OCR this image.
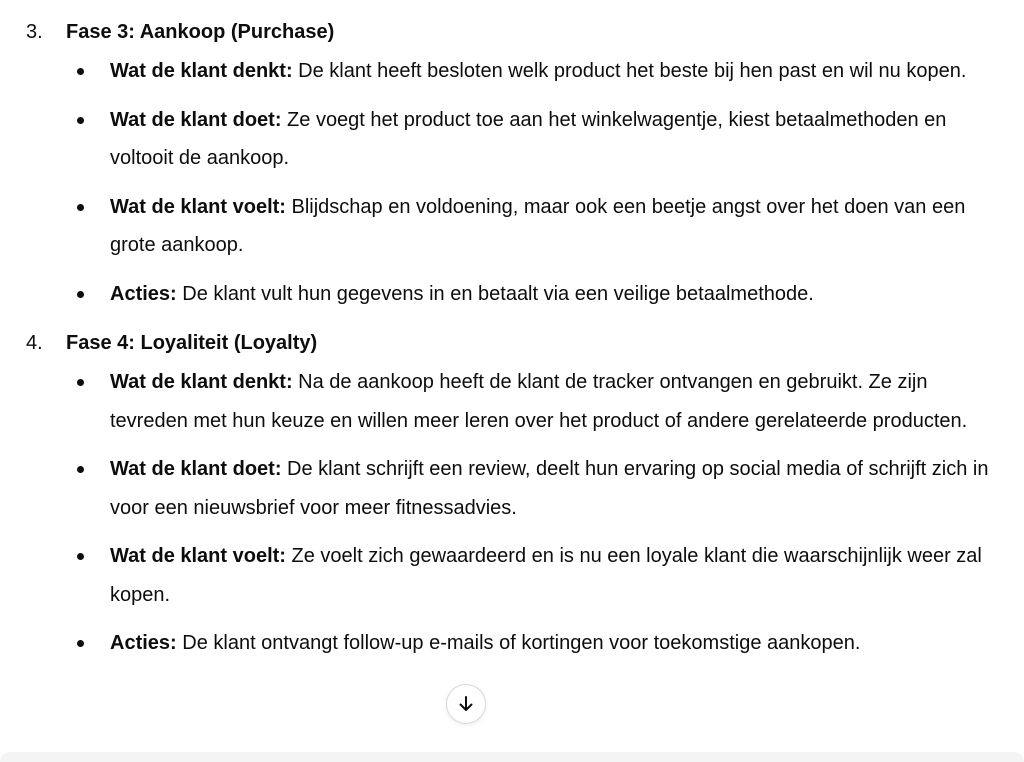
3. Fase 3: Aankoop (Purchase)
Wat de klant denkt: De klant heeft besloten welk product het beste bij hen past en wil nu kopen.
Wat de klant doet: Ze voegt het product toe aan het winkelwagentje, kiest betaalmethoden en voltooit de aankoop.
Wat de klant voelt: Blijdschap en voldoening, maar ook een beetje angst over het doen van een grote aankoop.
Acties: De klant vult hun gegevens in en betaalt via een veilige betaalmethode.
4. Fase 4: Loyaliteit (Loyalty)
Wat de klant denkt: Na de aankoop heeft de klant de tracker ontvangen en gebruikt. Ze zijn tevreden met hun keuze en willen meer leren over het product of andere gerelateerde producten.
Wat de klant doet: De klant schrijft een review, deelt hun ervaring op social media of schrijft zich in voor een nieuwsbrief voor meer fitnessadvies.
Wat de klant voelt: Ze voelt zich gewaardeerd en is nu een loyale klant die waarschijnlijk weer zal kopen.
Acties: De klant ontvangt follow-up e-mails of kortingen voor toekomstige aankopen.
